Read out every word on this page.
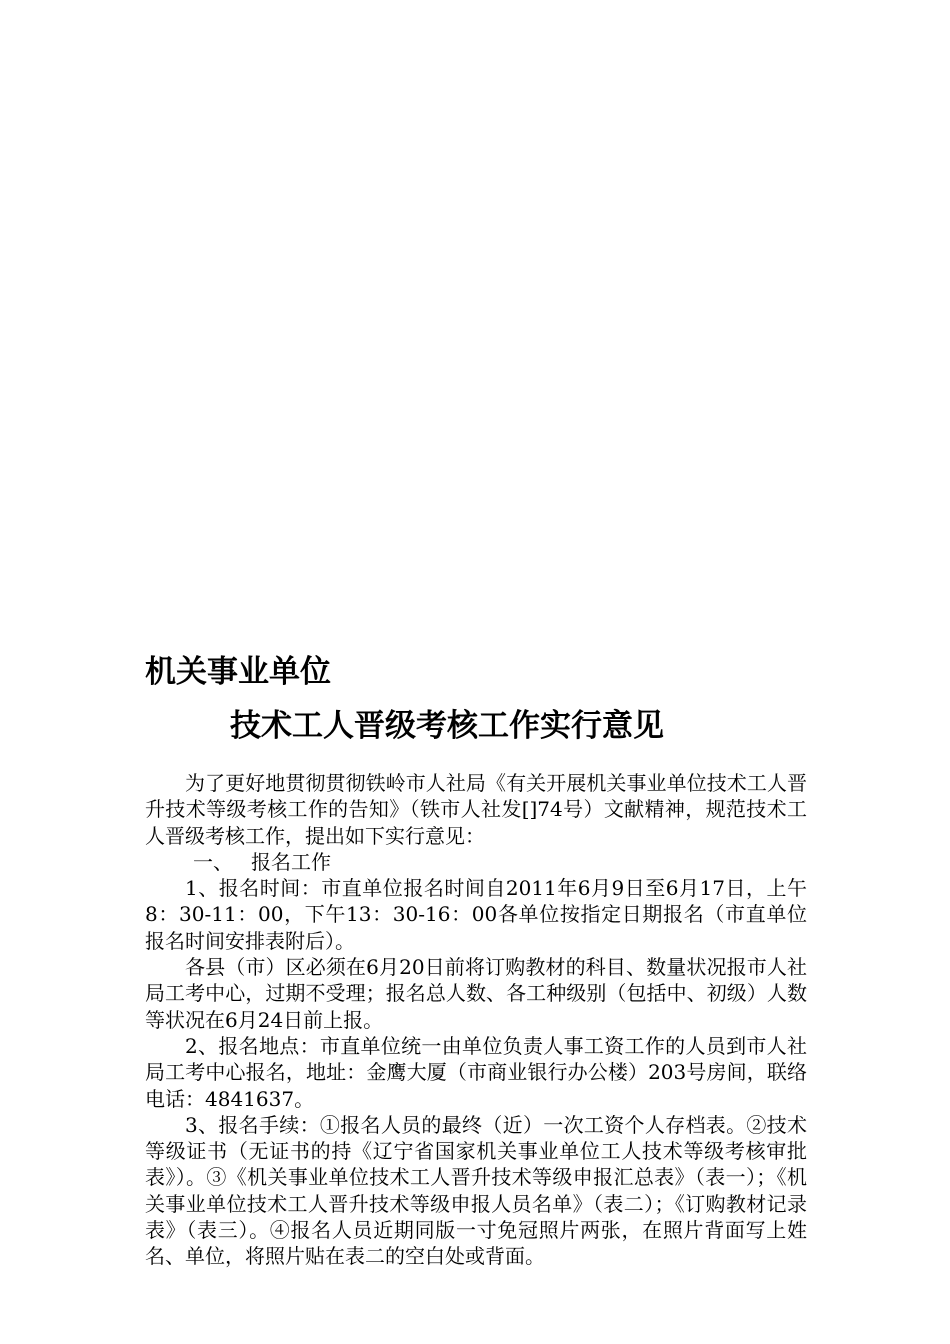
机关事业单位
技术工人晋级考核工作实行意见

为了更好地贯彻贯彻铁岭市人社局《有关开展机关事业单位技术工人晋升技术等级考核工作的告知》（铁市人社发[]74号）文献精神，规范技术工人晋级考核工作，提出如下实行意见：

一、 报名工作

1、报名时间：市直单位报名时间自2011年6月9日至6月17日，上午8：30-11：00，下午13：30-16：00各单位按指定日期报名（市直单位报名时间安排表附后）。

各县（市）区必须在6月20日前将订购教材的科目、数量状况报市人社局工考中心，过期不受理；报名总人数、各工种级别（包括中、初级）人数等状况在6月24日前上报。

2、报名地点：市直单位统一由单位负责人事工资工作的人员到市人社局工考中心报名，地址：金鹰大厦（市商业银行办公楼）203号房间，联络电话：4841637。

3、报名手续：①报名人员的最终（近）一次工资个人存档表。②技术等级证书（无证书的持《辽宁省国家机关事业单位工人技术等级考核审批表》）。③《机关事业单位技术工人晋升技术等级申报汇总表》（表一）；《机关事业单位技术工人晋升技术等级申报人员名单》（表二）；《订购教材记录表》（表三）。④报名人员近期同版一寸免冠照片两张，在照片背面写上姓名、单位，将照片贴在表二的空白处或背面。
